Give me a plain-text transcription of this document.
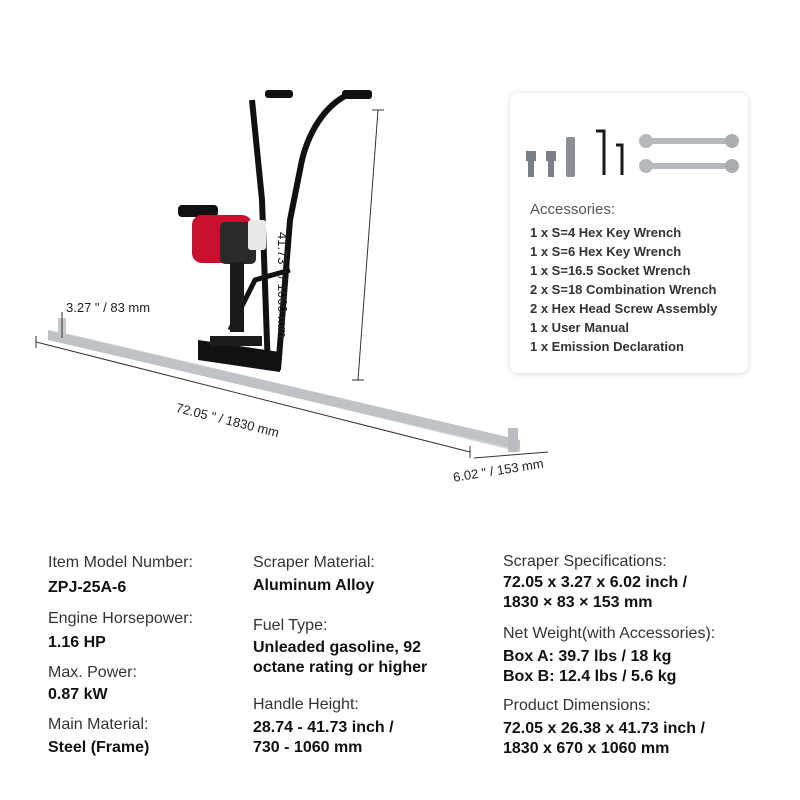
41.73 " / 1060 mm
3.27 " / 83 mm
72.05 " / 1830 mm
6.02 " / 153 mm
Accessories:
1 x S=4 Hex Key Wrench
1 x S=6 Hex Key Wrench
1 x S=16.5 Socket Wrench
2 x S=18 Combination Wrench
2 x Hex Head Screw Assembly
1 x User Manual
1 x Emission Declaration
Item Model Number:
ZPJ-25A-6
Engine Horsepower:
1.16 HP
Max. Power:
0.87 kW
Main Material:
Steel (Frame)
Scraper Material:
Aluminum Alloy
Fuel Type:
Unleaded gasoline, 92
octane rating or higher
Handle Height:
28.74 - 41.73 inch /
730 - 1060 mm
Scraper Specifications:
72.05 x 3.27 x 6.02 inch /
1830 × 83 × 153 mm
Net Weight(with Accessories):
Box A: 39.7 lbs / 18 kg
Box B: 12.4 lbs / 5.6 kg
Product Dimensions:
72.05 x 26.38 x 41.73 inch /
1830 x 670 x 1060 mm
